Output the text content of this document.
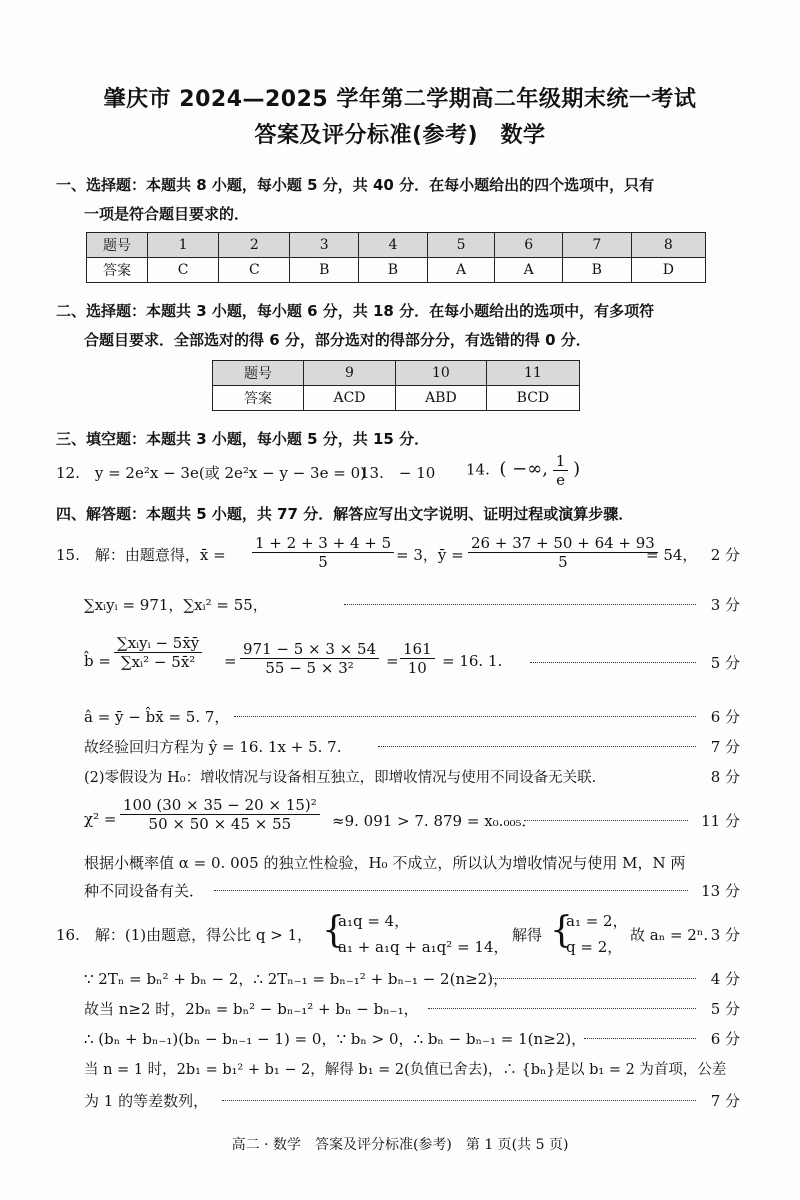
肇庆市 2024—2025 学年第二学期高二年级期末统一考试
答案及评分标准(参考)　数学
一、选择题：本题共 8 小题，每小题 5 分，共 40 分．在每小题给出的四个选项中，只有
一项是符合题目要求的．
题号	1	2	3	4	5	6	7	8
答案	C	C	B	B	A	A	B	D
二、选择题：本题共 3 小题，每小题 6 分，共 18 分．在每小题给出的选项中，有多项符
合题目要求．全部选对的得 6 分，部分选对的得部分分，有选错的得 0 分．
题号	9	10	11
答案	ACD	ABD	BCD
三、填空题：本题共 3 小题，每小题 5 分，共 15 分．
12.　y = 2e²x − 3e(或 2e²x − y − 3e = 0)
13.　− 10 14. ( −∞, $\frac{1}{e}$ )
四、解答题：本题共 5 小题，共 77 分．解答应写出文字说明、证明过程或演算步骤．
15.　解：由题意得，x̄ = $\frac{1 + 2 + 3 + 4 + 5}{5} = 3$，ȳ = $\frac{26 + 37 + 50 + 64 + 93}{5}$
= 54， 2 分
∑xᵢyᵢ = 971，∑xᵢ² = 55，	3 分
b̂ = $\frac{\text{∑xᵢyᵢ − 5x̄ȳ}}{\text{∑xᵢ² − 5x̄²}} = \frac{971 - 5 \times 3 \times 54}{\text{55 − 5 × 3²}} = \frac{161}{10} = 16$. 1.	5 分
â = ȳ − b̂x̄ = 5. 7，	6 分
故经验回归方程为 ŷ = 16. 1x + 5. 7.	7 分
(2)零假设为 H₀：增收情况与设备相互独立，即增收情况与使用不同设备无关联．	8 分
$\chi^2 = \frac{\text{100 (30 × 35 − 20 × 15)²}}{50 \times 50 \times 45 \times 55} \approx 9$. 091 > 7. 879 = x₀.₀₀₅．	11 分
根据小概率值 α = 0. 005 的独立性检验，H₀ 不成立，所以认为增收情况与使用 M，N 两
种不同设备有关．	13 分
16.　解：(1)由题意，得公比 q > 1， {
a₁q = 4，
a₁ + a₁q + a₁q² = 14，
解得 {
a₁ = 2，
q = 2，
故 aₙ = 2ⁿ. 3 分
∵ 2Tₙ = bₙ² + bₙ − 2，∴ 2Tₙ₋₁ = bₙ₋₁² + bₙ₋₁ − 2(n≥2)，	4 分
故当 n≥2 时，2bₙ = bₙ² − bₙ₋₁² + bₙ − bₙ₋₁，	5 分
∴ (bₙ + bₙ₋₁)(bₙ − bₙ₋₁ − 1) = 0，∵ bₙ > 0，∴ bₙ − bₙ₋₁ = 1(n≥2)，	6 分
当 n = 1 时，2b₁ = b₁² + b₁ − 2，解得 b₁ = 2(负值已舍去)，∴ {bₙ}是以 b₁ = 2 为首项，公差
为 1 的等差数列，	7 分
高二 · 数学　答案及评分标准(参考)　第 1 页(共 5 页)
